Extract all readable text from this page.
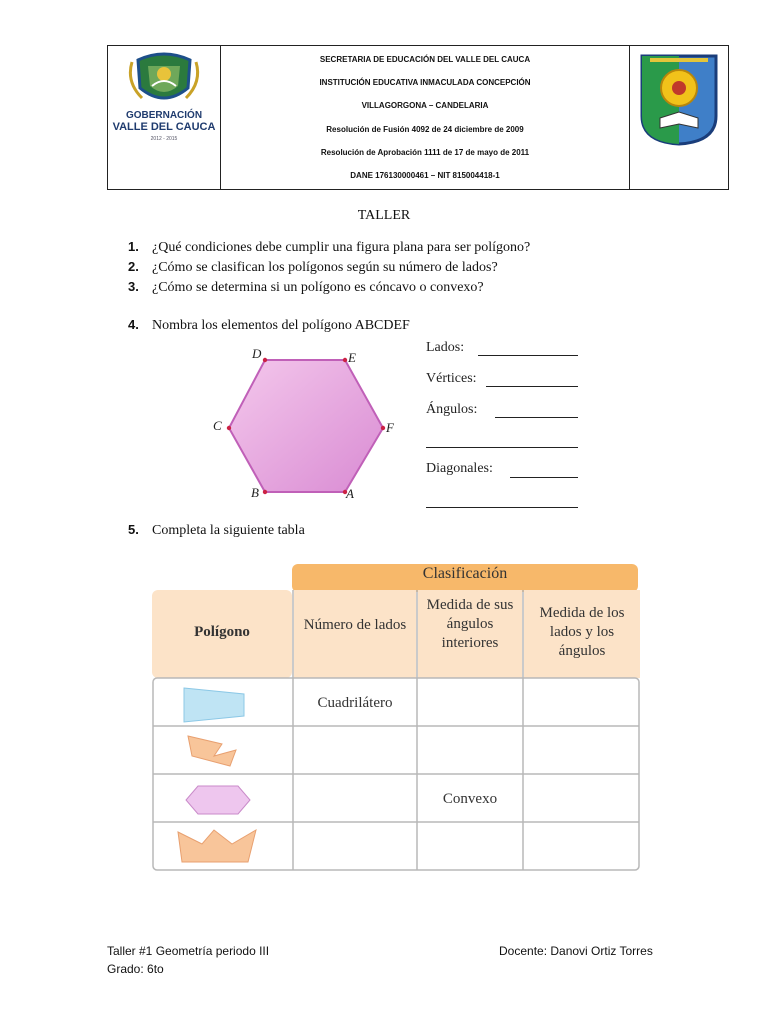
GOBERNACIÓN
VALLE DEL CAUCA
2012 - 2015
SECRETARIA DE EDUCACIÓN DEL VALLE DEL CAUCA
INSTITUCIÓN EDUCATIVA INMACULADA CONCEPCIÓN
VILLAGORGONA – CANDELARIA
Resolución de Fusión 4092 de 24 diciembre de 2009
Resolución de Aprobación 1111 de 17 de mayo de 2011
DANE 176130000461 – NIT 815004418-1
TALLER
1. ¿Qué condiciones debe cumplir una figura plana para ser polígono?
2. ¿Cómo se clasifican los polígonos según su número de lados?
3. ¿Cómo se determina si un polígono es cóncavo o convexo?
4. Nombra los elementos del polígono ABCDEF
D	E
F
A
B
C
Lados:
Vértices:
Ángulos:
Diagonales:
5. Completa la siguiente tabla
Clasificación
Polígono	Número de lados
Medida de sus ángulos interiores
Medida de los lados y los ángulos
Cuadrilátero
Convexo
Taller #1 Geometría periodo III
Grado: 6to
Docente: Danovi Ortiz Torres
